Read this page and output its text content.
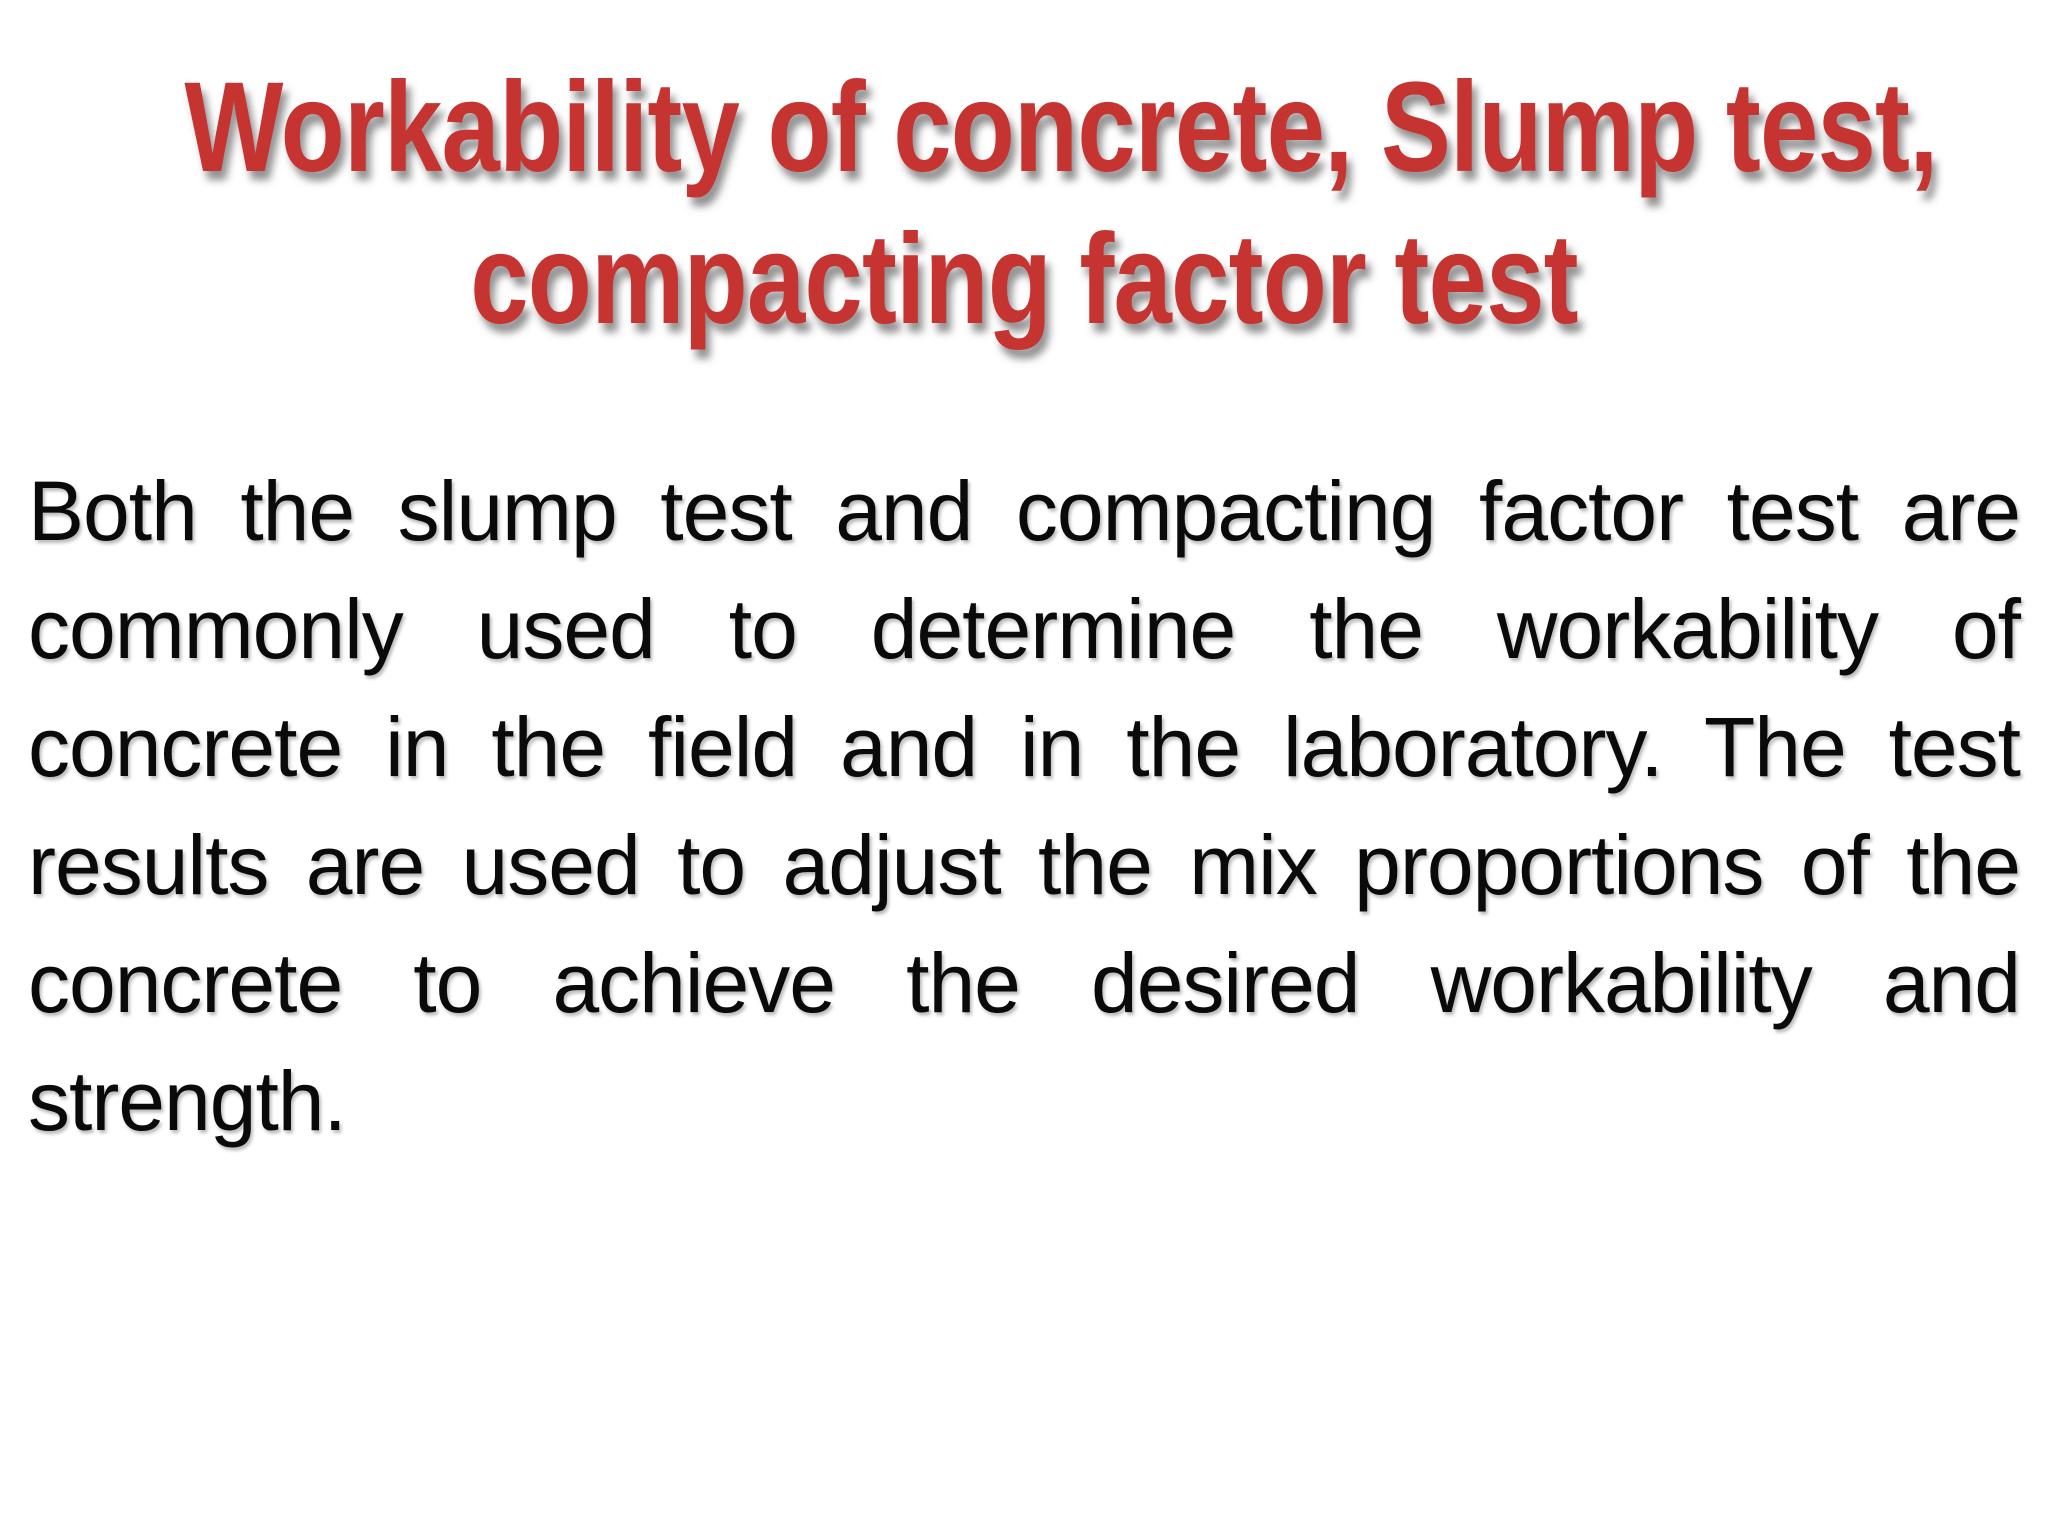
Workability of concrete, Slump test,
compacting factor test
Both the slump test and compacting factor test are
commonly used to determine the workability of
concrete in the field and in the laboratory. The test
results are used to adjust the mix proportions of the
concrete to achieve the desired workability and
strength.
